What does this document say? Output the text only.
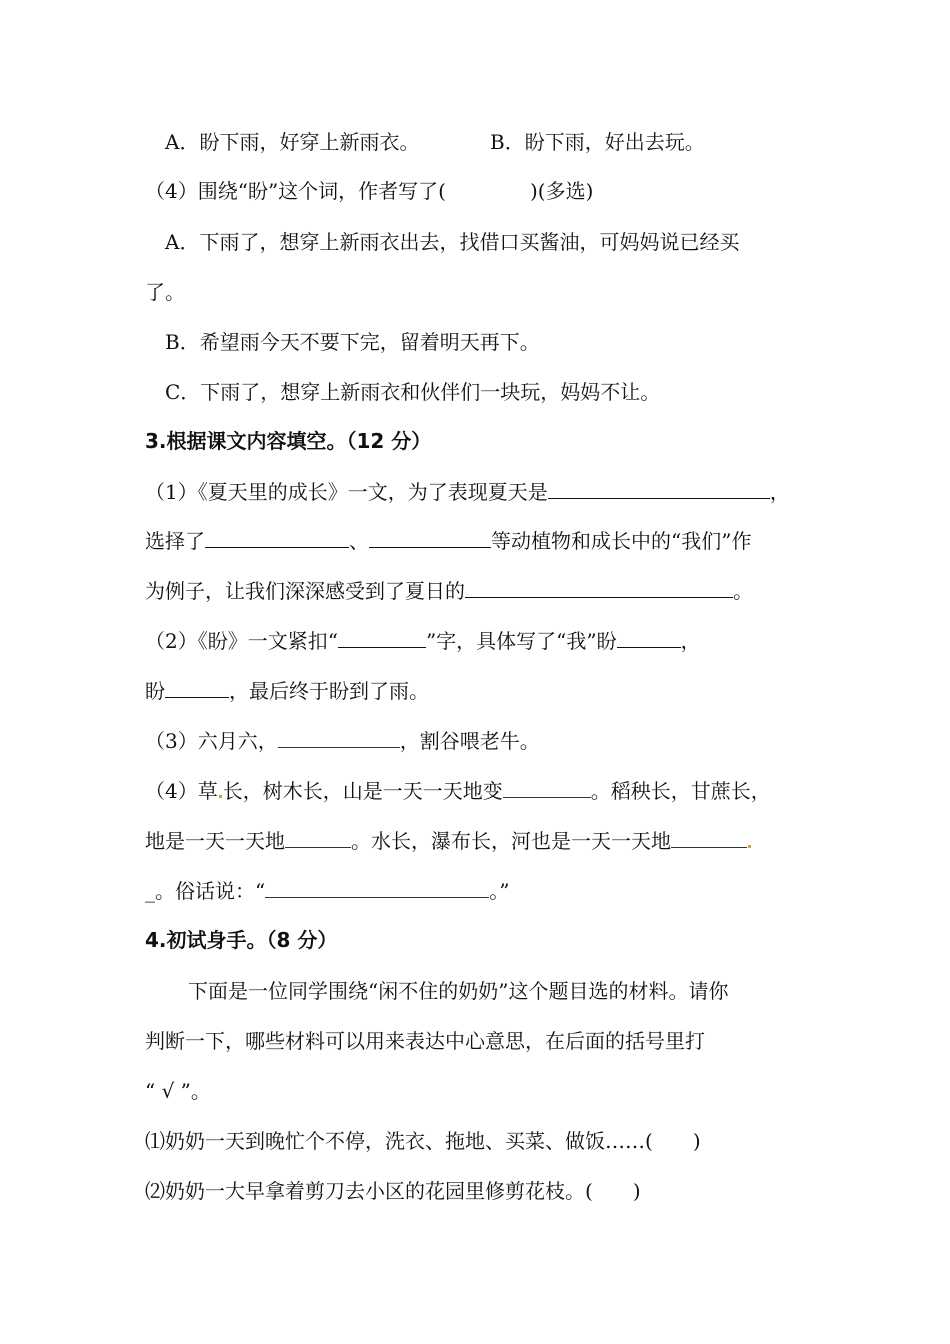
A．盼下雨，好穿上新雨衣。	B．盼下雨，好出去玩。
（4）围绕“盼”这个词，作者写了(	)(多选)
A．下雨了，想穿上新雨衣出去，找借口买酱油，可妈妈说已经买
了。
B．希望雨今天不要下完，留着明天再下。
C．下雨了，想穿上新雨衣和伙伴们一块玩，妈妈不让。
3.根据课文内容填空。（12 分）
（1）《夏天里的成长》一文，为了表现夏天是	，
选择了	、	等动植物和成长中的“我们”作
为例子，让我们深深感受到了夏日的	。
（2）《盼》一文紧扣“	”字，具体写了“我”盼	，
盼	，最后终于盼到了雨。
（3）六月六，	，割谷喂老牛。
（4）草 长，树木长，山是一天一天地变	。稻秧长，甘蔗长，
地是一天一天地	。水长，瀑布长，河也是一天一天地
_。俗话说：“	。”
4.初试身手。（8 分）
下面是一位同学围绕“闲不住的奶奶”这个题目选的材料。请你
判断一下，哪些材料可以用来表达中心意思，在后面的括号里打
“ √ ”。
⑴奶奶一天到晚忙个不停，洗衣、拖地、买菜、做饭……( )
⑵奶奶一大早拿着剪刀去小区的花园里修剪花枝。( )
